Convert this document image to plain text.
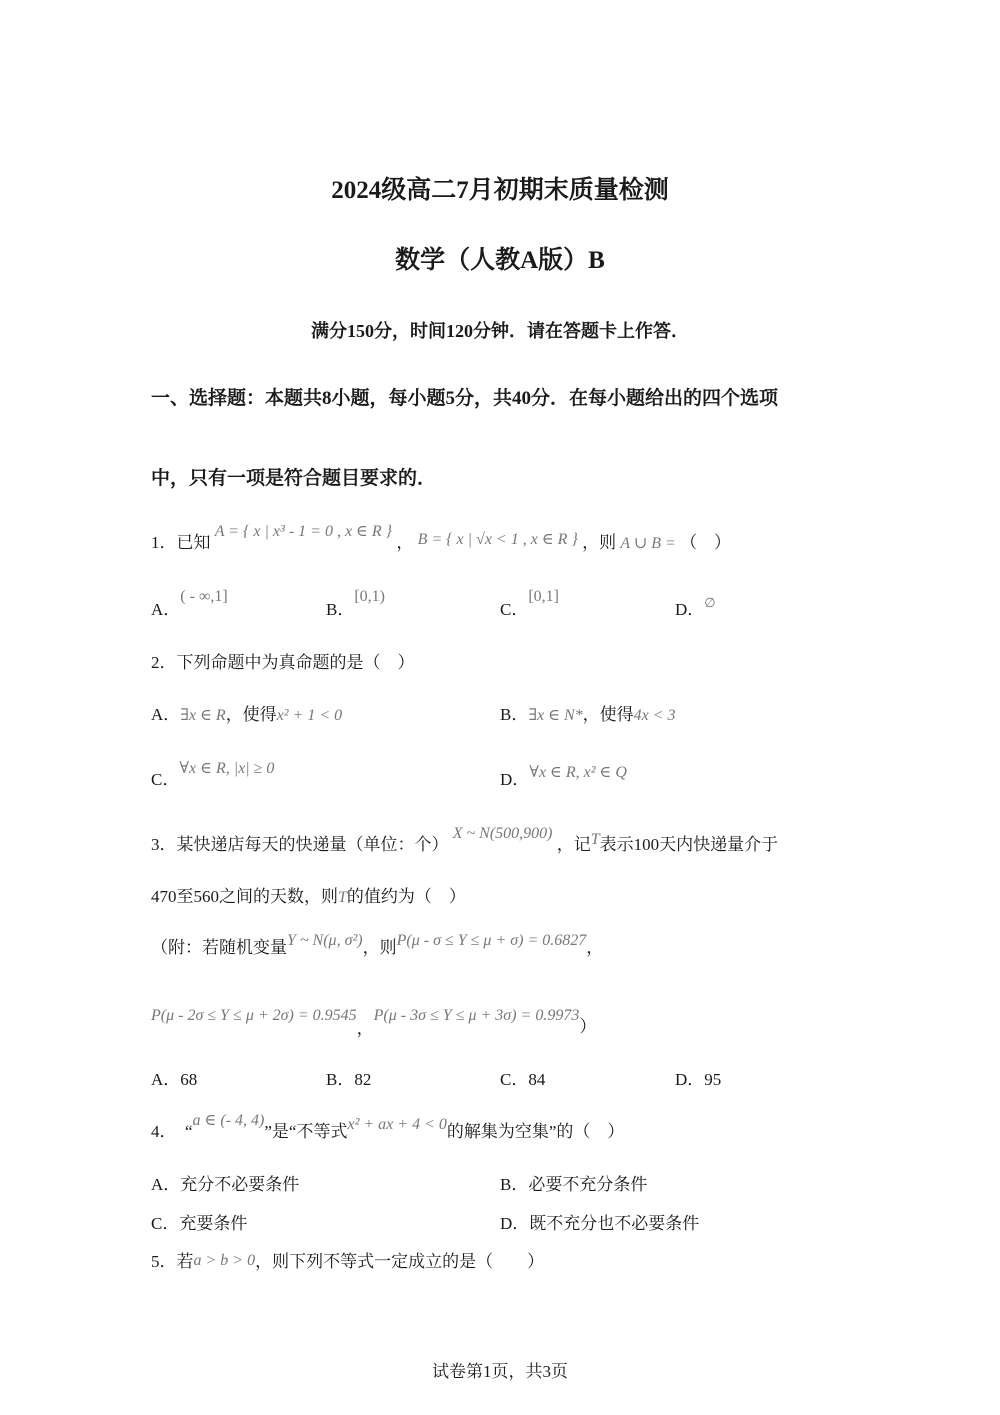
2024级高二7月初期末质量检测
数学（人教A版）B
满分150分，时间120分钟．请在答题卡上作答．
一、选择题：本题共8小题，每小题5分，共40分．在每小题给出的四个选项
中，只有一项是符合题目要求的．
1．已知 A = { x | x³ - 1 = 0 , x ∈ R } ， B = { x | √x < 1 , x ∈ R } ，则 A ∪ B = （　）
A．( - ∞,1]
B．[0,1)
C．[0,1]
D．∅
2．下列命题中为真命题的是（　）
A．∃x ∈ R，使得x² + 1 < 0	B．∃x ∈ N*，使得4x < 3
C．∀x ∈ R, |x| ≥ 0
D．∀x ∈ R, x² ∈ Q
3．某快递店每天的快递量（单位：个） X ~ N(500,900) ，记T表示100天内快递量介于
470至560之间的天数，则T的值约为（　）
（附：若随机变量Y ~ N(μ, σ²)，则P(μ - σ ≤ Y ≤ μ + σ) = 0.6827，
P(μ - 2σ ≤ Y ≤ μ + 2σ) = 0.9545，P(μ - 3σ ≤ Y ≤ μ + 3σ) = 0.9973）
A．68	B．82	C．84	D．95
4．　“a ∈ (- 4, 4)”是“不等式x² + ax + 4 < 0的解集为空集”的（　）
A．充分不必要条件	B．必要不充分条件
C．充要条件	D．既不充分也不必要条件
5．若a > b > 0，则下列不等式一定成立的是（　　）
试卷第1页，共3页
